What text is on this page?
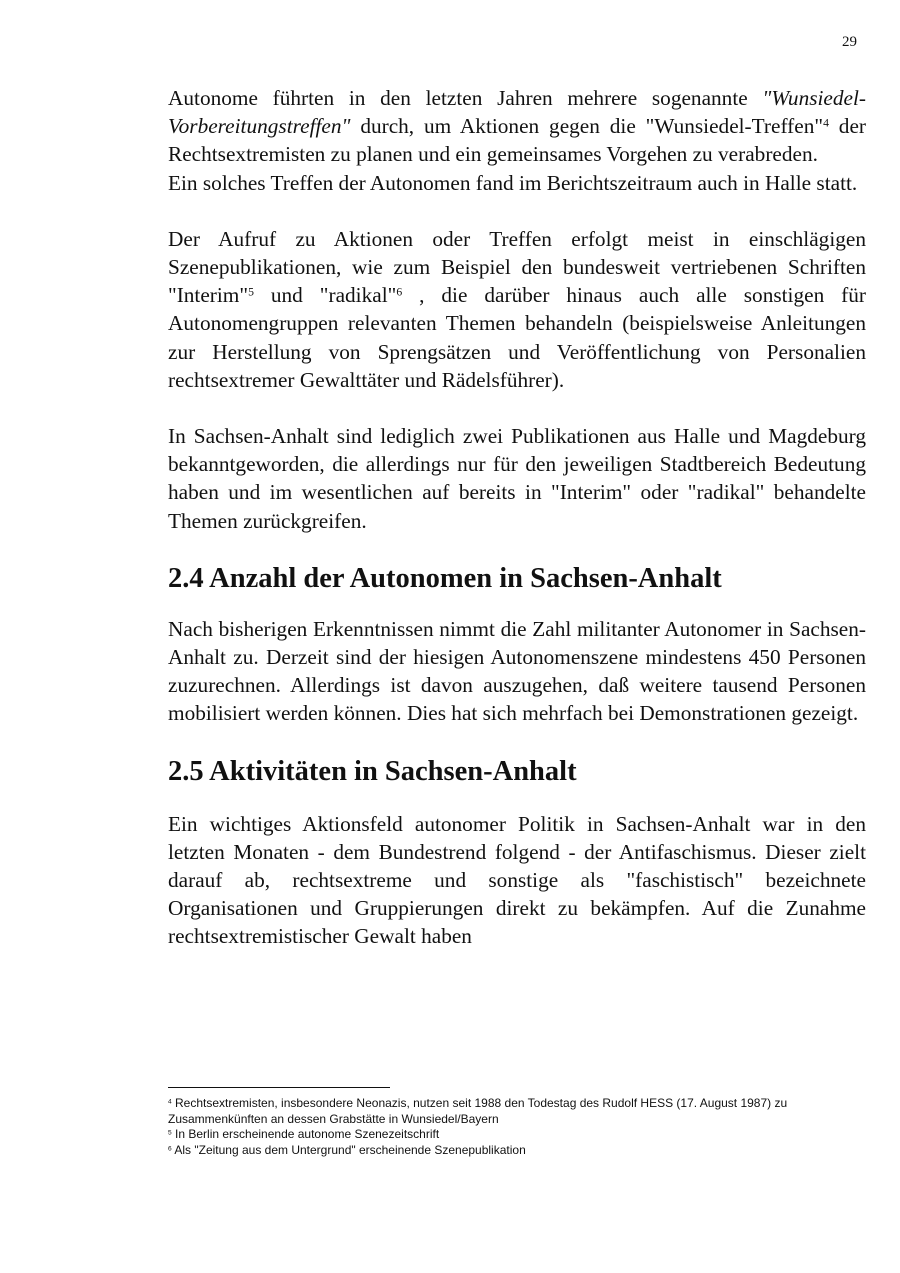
29

Autonome führten in den letzten Jahren mehrere sogenannte "Wunsiedel-Vorbereitungstreffen" durch, um Aktionen gegen die "Wunsiedel-Treffen"$^4$ der Rechtsextremisten zu planen und ein gemeinsames Vorgehen zu verabreden.

Ein solches Treffen der Autonomen fand im Berichtszeitraum auch in Halle statt.

Der Aufruf zu Aktionen oder Treffen erfolgt meist in einschlägigen Szenepublikationen, wie zum Beispiel den bundesweit vertriebenen Schriften "Interim"$^5$ und "radikal"$^6$ , die darüber hinaus auch alle sonstigen für Autonomengruppen relevanten Themen behandeln (beispielsweise Anleitungen zur Herstellung von Sprengsätzen und Veröffentlichung von Personalien rechtsextremer Gewalttäter und Rädelsführer).

In Sachsen-Anhalt sind lediglich zwei Publikationen aus Halle und Magdeburg bekanntgeworden, die allerdings nur für den jeweiligen Stadtbereich Bedeutung haben und im wesentlichen auf bereits in "Interim" oder "radikal" behandelte Themen zurückgreifen.

2.4 Anzahl der Autonomen in Sachsen-Anhalt

Nach bisherigen Erkenntnissen nimmt die Zahl militanter Autonomer in Sachsen-Anhalt zu. Derzeit sind der hiesigen Autonomenszene mindestens 450 Personen zuzurechnen. Allerdings ist davon auszugehen, daß weitere tausend Personen mobilisiert werden können. Dies hat sich mehrfach bei Demonstrationen gezeigt.

2.5 Aktivitäten in Sachsen-Anhalt

Ein wichtiges Aktionsfeld autonomer Politik in Sachsen-Anhalt war in den letzten Monaten - dem Bundestrend folgend - der Antifaschismus. Dieser zielt darauf ab, rechtsextreme und sonstige als "faschistisch" bezeichnete Organisationen und Gruppierungen direkt zu bekämpfen. Auf die Zunahme rechtsextremistischer Gewalt haben

$^4$ Rechtsextremisten, insbesondere Neonazis, nutzen seit 1988 den Todestag des Rudolf HESS (17. August 1987) zu Zusammenkünften an dessen Grabstätte in Wunsiedel/Bayern

$^5$ In Berlin erscheinende autonome Szenezeitschrift

$^6$ Als "Zeitung aus dem Untergrund" erscheinende Szenepublikation
